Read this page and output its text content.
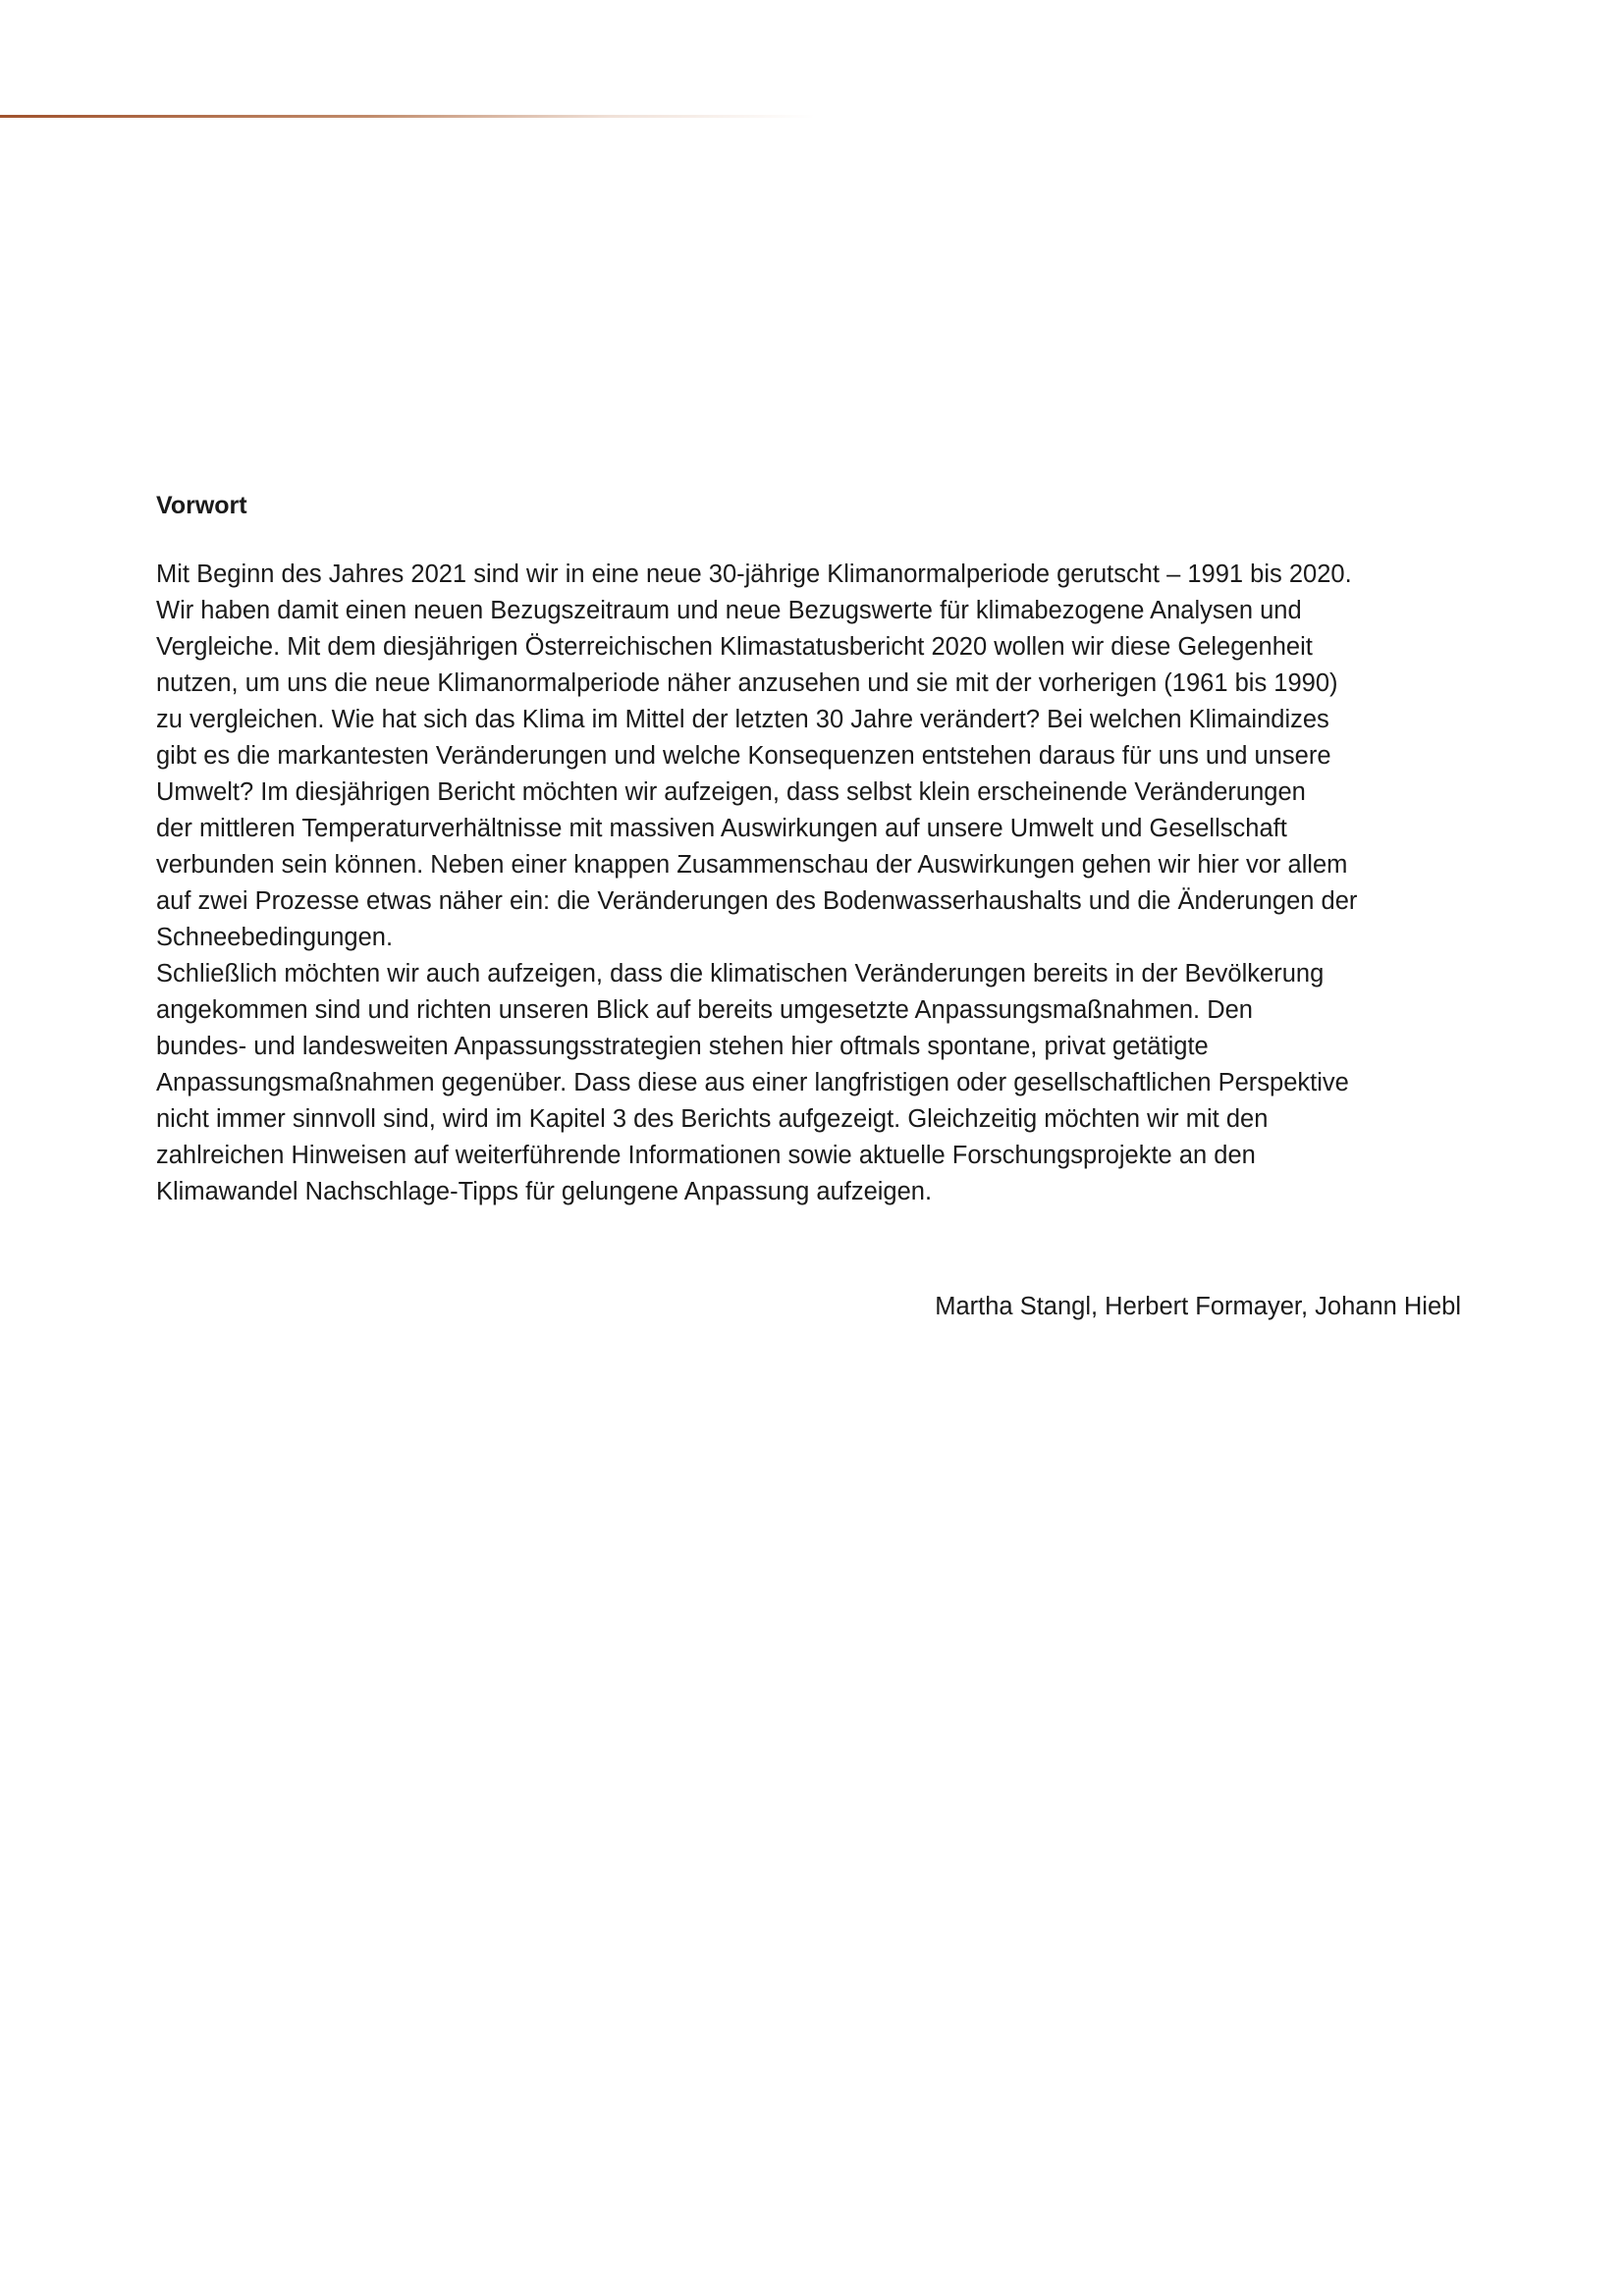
Vorwort

Mit Beginn des Jahres 2021 sind wir in eine neue 30-jährige Klimanormalperiode gerutscht – 1991 bis 2020.
Wir haben damit einen neuen Bezugszeitraum und neue Bezugswerte für klimabezogene Analysen und
Vergleiche. Mit dem diesjährigen Österreichischen Klimastatusbericht 2020 wollen wir diese Gelegenheit
nutzen, um uns die neue Klimanormalperiode näher anzusehen und sie mit der vorherigen (1961 bis 1990)
zu vergleichen. Wie hat sich das Klima im Mittel der letzten 30 Jahre verändert? Bei welchen Klimaindizes
gibt es die markantesten Veränderungen und welche Konsequenzen entstehen daraus für uns und unsere
Umwelt? Im diesjährigen Bericht möchten wir aufzeigen, dass selbst klein erscheinende Veränderungen
der mittleren Temperaturverhältnisse mit massiven Auswirkungen auf unsere Umwelt und Gesellschaft
verbunden sein können. Neben einer knappen Zusammenschau der Auswirkungen gehen wir hier vor allem
auf zwei Prozesse etwas näher ein: die Veränderungen des Bodenwasserhaushalts und die Änderungen der
Schneebedingungen.

Schließlich möchten wir auch aufzeigen, dass die klimatischen Veränderungen bereits in der Bevölkerung
angekommen sind und richten unseren Blick auf bereits umgesetzte Anpassungsmaßnahmen. Den
bundes- und landesweiten Anpassungsstrategien stehen hier oftmals spontane, privat getätigte
Anpassungsmaßnahmen gegenüber. Dass diese aus einer langfristigen oder gesellschaftlichen Perspektive
nicht immer sinnvoll sind, wird im Kapitel 3 des Berichts aufgezeigt. Gleichzeitig möchten wir mit den
zahlreichen Hinweisen auf weiterführende Informationen sowie aktuelle Forschungsprojekte an den
Klimawandel Nachschlage-Tipps für gelungene Anpassung aufzeigen.

Martha Stangl, Herbert Formayer, Johann Hiebl
